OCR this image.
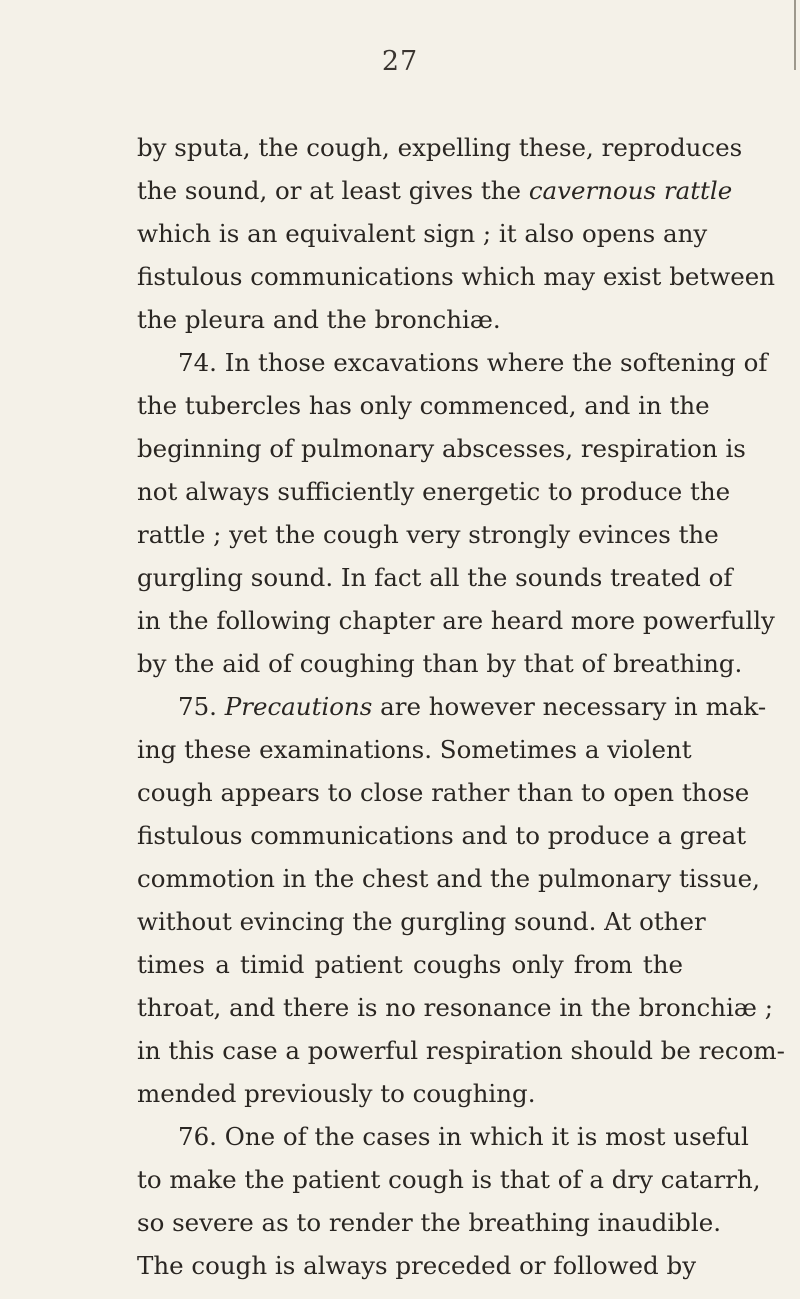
27
by sputa, the cough, expelling these, reproduces
the sound, or at least gives the cavernous rattle
which is an equivalent sign ; it also opens any
fistulous communications which may exist between
the pleura and the bronchiæ.
74. In those excavations where the softening of
the tubercles has only commenced, and in the
beginning of pulmonary abscesses, respiration is
not always sufficiently energetic to produce the
rattle ; yet the cough very strongly evinces the
gurgling sound. In fact all the sounds treated of
in the following chapter are heard more powerfully
by the aid of coughing than by that of breathing.
75. Precautions are however necessary in mak-
ing these examinations. Sometimes a violent
cough appears to close rather than to open those
fistulous communications and to produce a great
commotion in the chest and the pulmonary tissue,
without evincing the gurgling sound. At other
times a timid patient coughs only from the
throat, and there is no resonance in the bronchiæ ;
in this case a powerful respiration should be recom-
mended previously to coughing.
76. One of the cases in which it is most useful
to make the patient cough is that of a dry catarrh,
so severe as to render the breathing inaudible.
The cough is always preceded or followed by
